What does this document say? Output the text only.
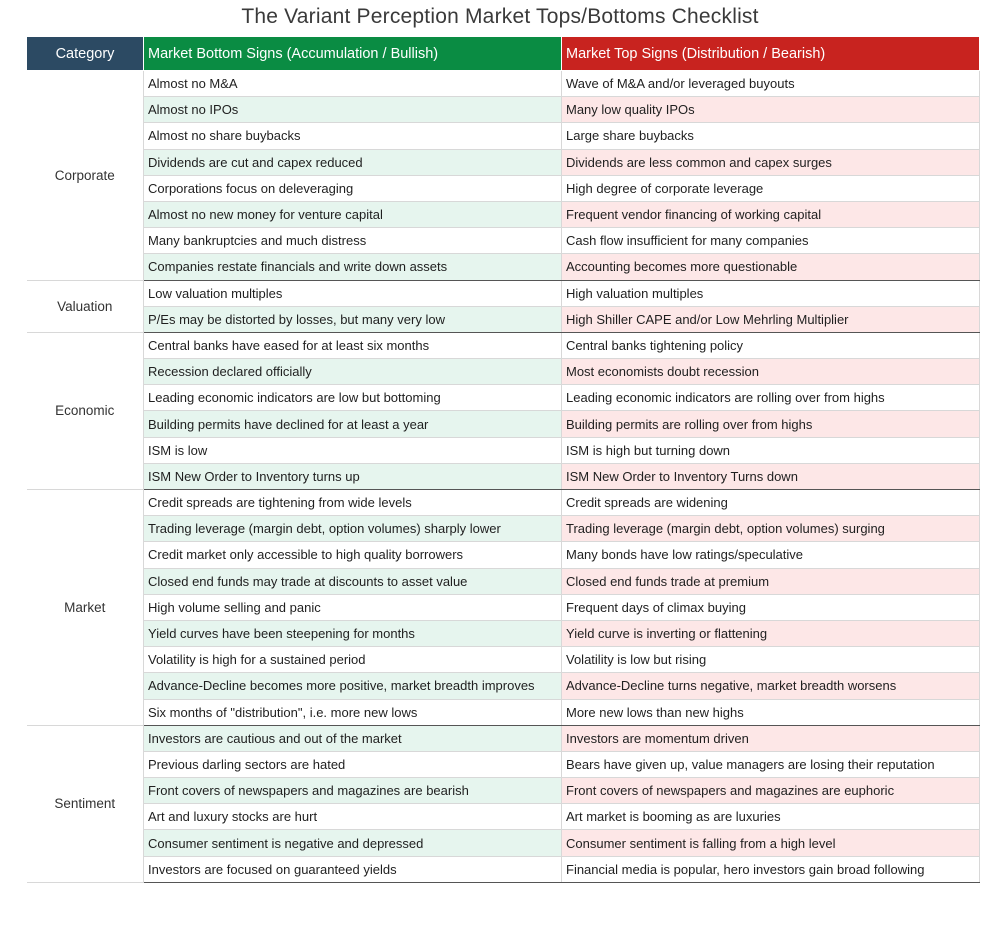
The Variant Perception Market Tops/Bottoms Checklist
Category	Market Bottom Signs (Accumulation / Bullish)	Market Top Signs (Distribution / Bearish)
Corporate	Almost no M&A	Wave of M&A and/or leveraged buyouts
	Almost no IPOs	Many low quality IPOs
	Almost no share buybacks	Large share buybacks
	Dividends are cut and capex reduced	Dividends are less common and capex surges
	Corporations focus on deleveraging	High degree of corporate leverage
	Almost no new money for venture capital	Frequent vendor financing of working capital
	Many bankruptcies and much distress	Cash flow insufficient for many companies
	Companies restate financials and write down assets	Accounting becomes more questionable
Valuation	Low valuation multiples	High valuation multiples
	P/Es may be distorted by losses, but many very low	High Shiller CAPE and/or Low Mehrling Multiplier
Economic	Central banks have eased for at least six months	Central banks tightening policy
	Recession declared officially	Most economists doubt recession
	Leading economic indicators are low but bottoming	Leading economic indicators are rolling over from highs
	Building permits have declined for at least a year	Building permits are rolling over from highs
	ISM is low	ISM is high but turning down
	ISM New Order to Inventory turns up	ISM New Order to Inventory Turns down
Market	Credit spreads are tightening from wide levels	Credit spreads are widening
	Trading leverage (margin debt, option volumes) sharply lower	Trading leverage (margin debt, option volumes) surging
	Credit market only accessible to high quality borrowers	Many bonds have low ratings/speculative
	Closed end funds may trade at discounts to asset value	Closed end funds trade at premium
	High volume selling and panic	Frequent days of climax buying
	Yield curves have been steepening for months	Yield curve is inverting or flattening
	Volatility is high for a sustained period	Volatility is low but rising
	Advance-Decline becomes more positive, market breadth improves	Advance-Decline turns negative, market breadth worsens
	Six months of "distribution", i.e. more new lows	More new lows than new highs
Sentiment	Investors are cautious and out of the market	Investors are momentum driven
	Previous darling sectors are hated	Bears have given up, value managers are losing their reputation
	Front covers of newspapers and magazines are bearish	Front covers of newspapers and magazines are euphoric
	Art and luxury stocks are hurt	Art market is booming as are luxuries
	Consumer sentiment is negative and depressed	Consumer sentiment is falling from a high level
	Investors are focused on guaranteed yields	Financial media is popular, hero investors gain broad following
